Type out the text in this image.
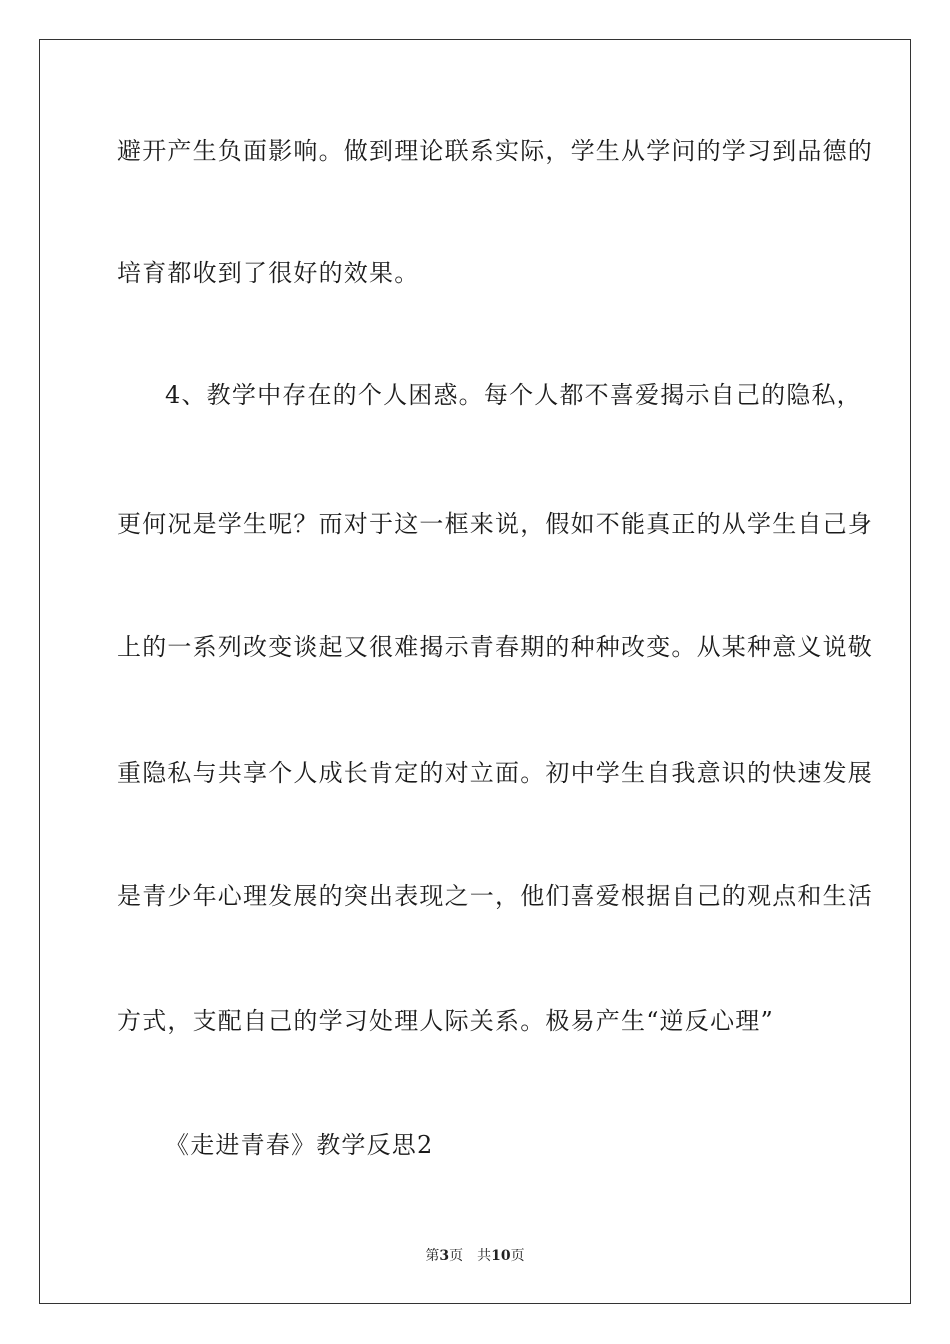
避开产生负面影响。做到理论联系实际，学生从学问的学习到品德的
培育都收到了很好的效果。
4、教学中存在的个人困惑。每个人都不喜爱揭示自己的隐私，
更何况是学生呢？而对于这一框来说，假如不能真正的从学生自己身
上的一系列改变谈起又很难揭示青春期的种种改变。从某种意义说敬
重隐私与共享个人成长肯定的对立面。初中学生自我意识的快速发展
是青少年心理发展的突出表现之一，他们喜爱根据自己的观点和生活
方式，支配自己的学习处理人际关系。极易产生“逆反心理”
《走进青春》教学反思2
第3页 共10页
